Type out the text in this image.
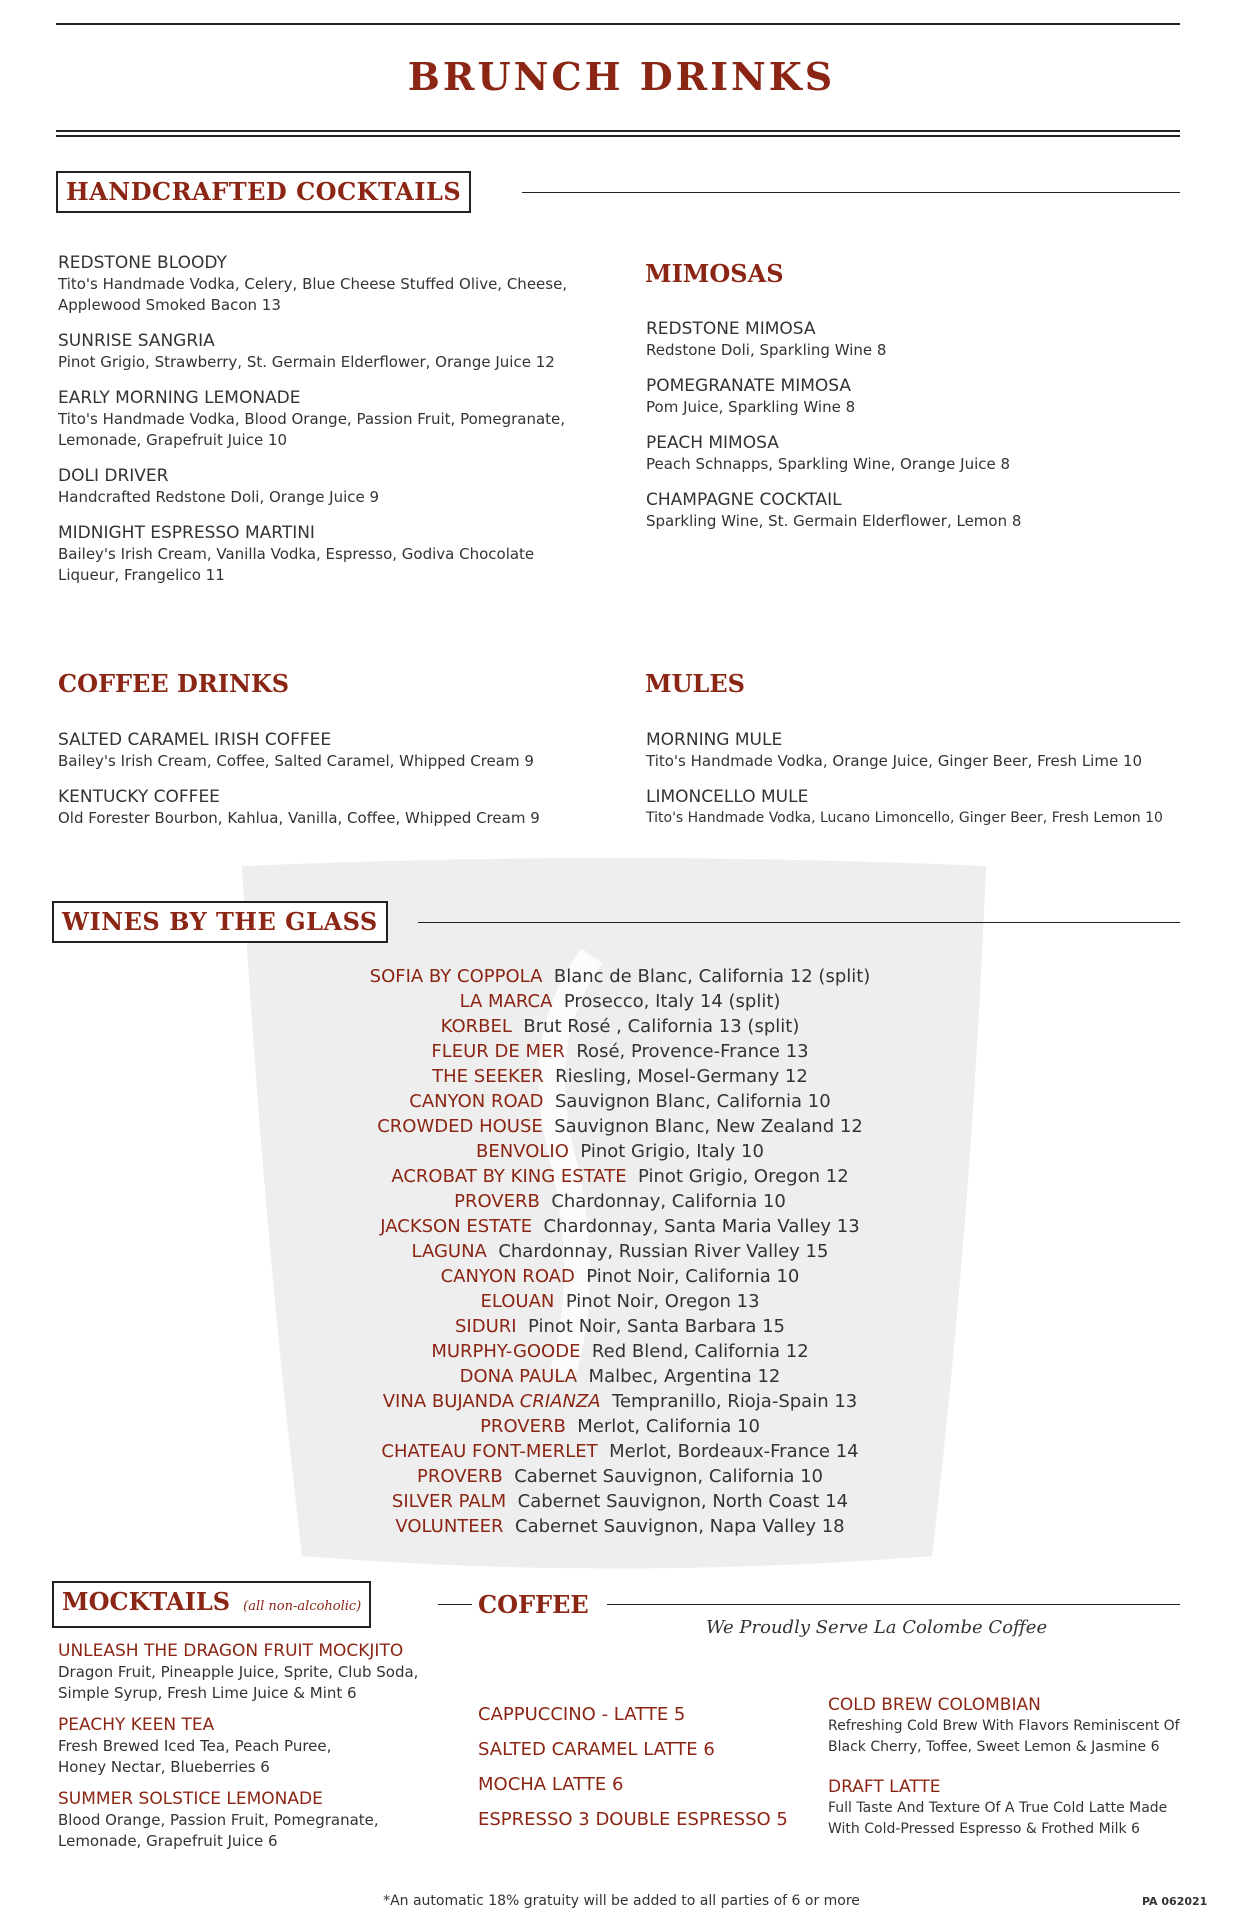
BRUNCH DRINKS
HANDCRAFTED COCKTAILS

REDSTONE BLOODY

Tito's Handmade Vodka, Celery, Blue Cheese Stuffed Olive, Cheese,

Applewood Smoked Bacon 13

SUNRISE SANGRIA

Pinot Grigio, Strawberry, St. Germain Elderflower, Orange Juice 12

EARLY MORNING LEMONADE

Tito's Handmade Vodka, Blood Orange, Passion Fruit, Pomegranate,

Lemonade, Grapefruit Juice 10

DOLI DRIVER

Handcrafted Redstone Doli, Orange Juice 9

MIDNIGHT ESPRESSO MARTINI

Bailey's Irish Cream, Vanilla Vodka, Espresso, Godiva Chocolate

Liqueur, Frangelico 11

MIMOSAS

REDSTONE MIMOSA

Redstone Doli, Sparkling Wine 8

POMEGRANATE MIMOSA

Pom Juice, Sparkling Wine 8

PEACH MIMOSA

Peach Schnapps, Sparkling Wine, Orange Juice 8

CHAMPAGNE COCKTAIL

Sparkling Wine, St. Germain Elderflower, Lemon 8

COFFEE DRINKS

SALTED CARAMEL IRISH COFFEE

Bailey's Irish Cream, Coffee, Salted Caramel, Whipped Cream 9

KENTUCKY COFFEE

Old Forester Bourbon, Kahlua, Vanilla, Coffee, Whipped Cream 9

MULES

MORNING MULE

Tito's Handmade Vodka, Orange Juice, Ginger Beer, Fresh Lime 10

LIMONCELLO MULE

Tito's Handmade Vodka, Lucano Limoncello, Ginger Beer, Fresh Lemon 10

WINES BY THE GLASS
SOFIA BY COPPOLA Blanc de Blanc, California 12 (split)
LA MARCA Prosecco, Italy 14 (split)
KORBEL Brut Rosé , California 13 (split)
FLEUR DE MER Rosé, Provence-France 13
THE SEEKER Riesling, Mosel-Germany 12
CANYON ROAD Sauvignon Blanc, California 10
CROWDED HOUSE Sauvignon Blanc, New Zealand 12
BENVOLIO Pinot Grigio, Italy 10
ACROBAT BY KING ESTATE Pinot Grigio, Oregon 12
PROVERB Chardonnay, California 10
JACKSON ESTATE Chardonnay, Santa Maria Valley 13
LAGUNA Chardonnay, Russian River Valley 15
CANYON ROAD Pinot Noir, California 10
ELOUAN Pinot Noir, Oregon 13
SIDURI Pinot Noir, Santa Barbara 15
MURPHY-GOODE Red Blend, California 12
DONA PAULA Malbec, Argentina 12
VINA BUJANDA CRIANZA Tempranillo, Rioja-Spain 13
PROVERB Merlot, California 10
CHATEAU FONT-MERLET Merlot, Bordeaux-France 14
PROVERB Cabernet Sauvignon, California 10
SILVER PALM Cabernet Sauvignon, North Coast 14
VOLUNTEER Cabernet Sauvignon, Napa Valley 18
MOCKTAILS (all non-alcoholic)

UNLEASH THE DRAGON FRUIT MOCKJITO

Dragon Fruit, Pineapple Juice, Sprite, Club Soda,

Simple Syrup, Fresh Lime Juice & Mint 6

PEACHY KEEN TEA

Fresh Brewed Iced Tea, Peach Puree,

Honey Nectar, Blueberries 6

SUMMER SOLSTICE LEMONADE

Blood Orange, Passion Fruit, Pomegranate,

Lemonade, Grapefruit Juice 6

COFFEE
We Proudly Serve La Colombe Coffee
CAPPUCCINO - LATTE 5
SALTED CARAMEL LATTE 6
MOCHA LATTE 6
ESPRESSO 3 DOUBLE ESPRESSO 5

COLD BREW COLOMBIAN

Refreshing Cold Brew With Flavors Reminiscent Of

Black Cherry, Toffee, Sweet Lemon & Jasmine 6

DRAFT LATTE

Full Taste And Texture Of A True Cold Latte Made

With Cold-Pressed Espresso & Frothed Milk 6

*An automatic 18% gratuity will be added to all parties of 6 or more	PA 062021
